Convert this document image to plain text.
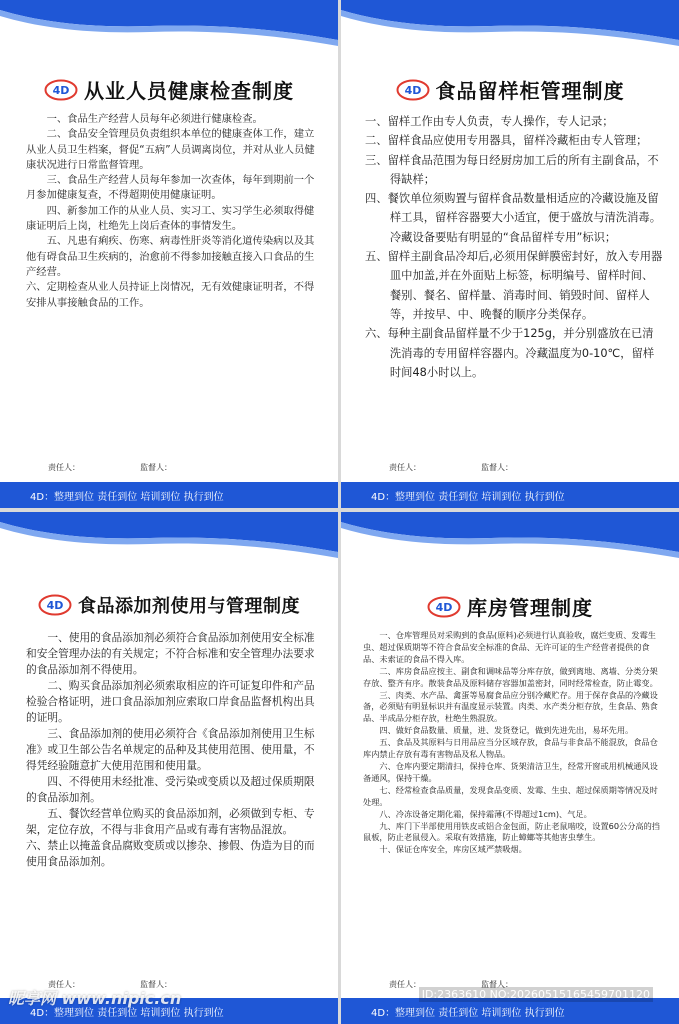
4D 从业人员健康检查制度

一、食品生产经营人员每年必须进行健康检查。

二、食品安全管理员负责组织本单位的健康查体工作，建立从业人员卫生档案，督促“五病”人员调离岗位，并对从业人员健康状况进行日常监督管理。

三、食品生产经营人员每年参加一次查体，每年到期前一个月参加健康复查，不得超期使用健康证明。

四、新参加工作的从业人员、实习工、实习学生必须取得健康证明后上岗，杜绝先上岗后查体的事情发生。

五、凡患有痢疾、伤寒、病毒性肝炎等消化道传染病以及其他有碍食品卫生疾病的，治愈前不得参加接触直接入口食品的生产经营。

六、定期检查从业人员持证上岗情况，无有效健康证明者，不得安排从事接触食品的工作。

责任人：	监督人：
4D：整理到位 责任到位 培训到位 执行到位
4D 食品留样柜管理制度

一、留样工作由专人负责，专人操作，专人记录；

二、留样食品应使用专用器具，留样冷藏柜由专人管理；

三、留样食品范围为每日经厨房加工后的所有主副食品，不得缺样；

四、餐饮单位须购置与留样食品数量相适应的冷藏设施及留样工具，留样容器要大小适宜，便于盛放与清洗消毒。冷藏设备要贴有明显的“食品留样专用”标识；

五、留样主副食品冷却后,必须用保鲜膜密封好，放入专用器皿中加盖,并在外面贴上标签，标明编号、留样时间、餐别、餐名、留样量、消毒时间、销毁时间、留样人等，并按早、中、晚餐的顺序分类保存。

六、每种主副食品留样量不少于125g，并分别盛放在已清洗消毒的专用留样容器内。冷藏温度为0-10℃，留样时间48小时以上。

责任人：	监督人：
4D：整理到位 责任到位 培训到位 执行到位
4D 食品添加剂使用与管理制度

一、使用的食品添加剂必须符合食品添加剂使用安全标准和安全管理办法的有关规定；不符合标准和安全管理办法要求的食品添加剂不得使用。

二、购买食品添加剂必须索取相应的许可证复印件和产品检验合格证明，进口食品添加剂应索取口岸食品监督机构出具的证明。

三、食品添加剂的使用必须符合《食品添加剂使用卫生标准》或卫生部公告名单规定的品种及其使用范围、使用量，不得凭经验随意扩大使用范围和使用量。

四、不得使用未经批准、受污染或变质以及超过保质期限的食品添加剂。

五、餐饮经营单位购买的食品添加剂，必须做到专柜、专架，定位存放，不得与非食用产品或有毒有害物品混放。

六、禁止以掩盖食品腐败变质或以掺杂、掺假、伪造为目的而使用食品添加剂。

责任人：	监督人：
4D：整理到位 责任到位 培训到位 执行到位
4D 库房管理制度

一、仓库管理员对采购到的食品(原料)必须进行认真验收，腐烂变质、发霉生虫、超过保质期等不符合食品安全标准的食品、无许可证的生产经营者提供的食品、未索证的食品不得入库。

二、库房食品应按主、副食和调味品等分库存放，做到离地、离墙、分类分架存放、整齐有序。散装食品及原料储存容器加盖密封，同时经常检查，防止霉变。

三、肉类、水产品、禽蛋等易腐食品应分别冷藏贮存。用于保存食品的冷藏设备，必须贴有明显标识并有温度显示装置。肉类、水产类分柜存放，生食品、熟食品、半成品分柜存放，杜绝生熟混放。

四、做好食品数量、质量，进、发货登记，做到先进先出，易坏先用。

五、食品及其原料与日用品应当分区域存放，食品与非食品不能混放，食品仓库内禁止存放有毒有害物品及私人物品。

六、仓库内要定期清扫，保持仓库、货架清洁卫生，经常开窗或用机械通风设备通风，保持干燥。

七、经常检查食品质量，发现食品变质、发霉、生虫、超过保质期等情况及时处理。

八、冷冻设备定期化霜，保持霜薄(不得超过1cm)、气足。

九、库门下半部使用用铁皮或铝合金包面，防止老鼠啮咬，设置60公分高的挡鼠板，防止老鼠侵入。采取有效措施，防止蟑螂等其他害虫孳生。

十、保证仓库安全，库房区域严禁吸烟。

责任人：	监督人：
4D：整理到位 责任到位 培训到位 执行到位
昵享网 www.nipic.cn	ID:2363610 NO:20260515165459701120
